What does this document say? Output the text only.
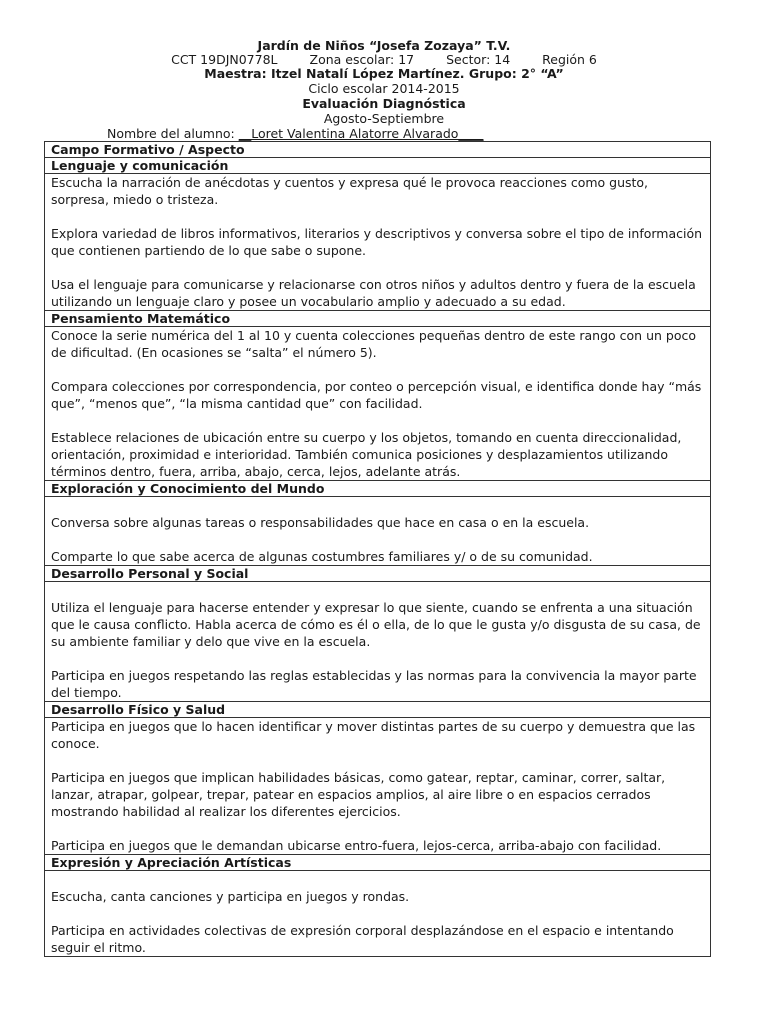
Jardín de Niños “Josefa Zozaya” T.V.
CCT 19DJN0778L	Zona escolar: 17	Sector: 14	Región 6
Maestra: Itzel Natalí López Martínez. Grupo: 2° “A”
Ciclo escolar 2014-2015
Evaluación Diagnóstica
Agosto-Septiembre
Nombre del alumno: __Loret Valentina Alatorre Alvarado____
Campo Formativo / Aspecto
Lenguaje y comunicación

Escucha la narración de anécdotas y cuentos y expresa qué le provoca reacciones como gusto, sorpresa, miedo o tristeza.

Explora variedad de libros informativos, literarios y descriptivos y conversa sobre el tipo de información que contienen partiendo de lo que sabe o supone.

Usa el lenguaje para comunicarse y relacionarse con otros niños y adultos dentro y fuera de la escuela utilizando un lenguaje claro y posee un vocabulario amplio y adecuado a su edad.

Pensamiento Matemático

Conoce la serie numérica del 1 al 10 y cuenta colecciones pequeñas dentro de este rango con un poco de dificultad. (En ocasiones se “salta” el número 5).

Compara colecciones por correspondencia, por conteo o percepción visual, e identifica donde hay “más que”, “menos que”, “la misma cantidad que” con facilidad.

Establece relaciones de ubicación entre su cuerpo y los objetos, tomando en cuenta direccionalidad, orientación, proximidad e interioridad. También comunica posiciones y desplazamientos utilizando términos dentro, fuera, arriba, abajo, cerca, lejos, adelante atrás.

Exploración y Conocimiento del Mundo

Conversa sobre algunas tareas o responsabilidades que hace en casa o en la escuela.

Comparte lo que sabe acerca de algunas costumbres familiares y/ o de su comunidad.

Desarrollo Personal y Social

Utiliza el lenguaje para hacerse entender y expresar lo que siente, cuando se enfrenta a una situación que le causa conflicto. Habla acerca de cómo es él o ella, de lo que le gusta y/o disgusta de su casa, de su ambiente familiar y delo que vive en la escuela.

Participa en juegos respetando las reglas establecidas y las normas para la convivencia la mayor parte del tiempo.

Desarrollo Físico y Salud

Participa en juegos que lo hacen identificar y mover distintas partes de su cuerpo y demuestra que las conoce.

Participa en juegos que implican habilidades básicas, como gatear, reptar, caminar, correr, saltar, lanzar, atrapar, golpear, trepar, patear en espacios amplios, al aire libre o en espacios cerrados mostrando habilidad al realizar los diferentes ejercicios.

Participa en juegos que le demandan ubicarse entro-fuera, lejos-cerca, arriba-abajo con facilidad.

Expresión y Apreciación Artísticas

Escucha, canta canciones y participa en juegos y rondas.

Participa en actividades colectivas de expresión corporal desplazándose en el espacio e intentando seguir el ritmo.
